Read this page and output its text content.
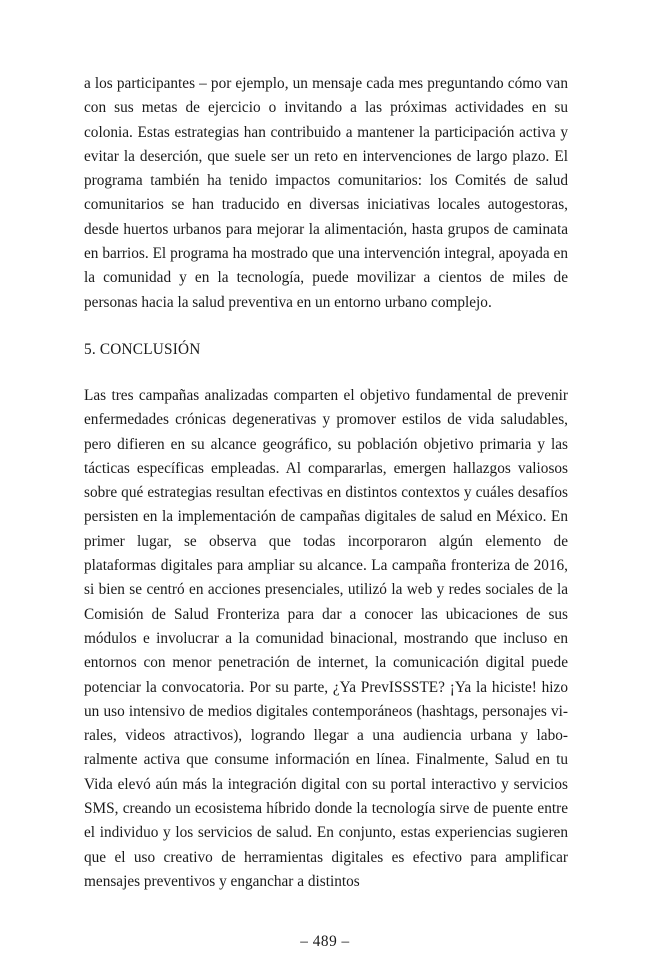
a los participantes – por ejemplo, un mensaje cada mes preguntando cómo van con sus metas de ejercicio o invitando a las próximas actividades en su colonia. Estas estrategias han contribuido a mantener la participación activa y evitar la deserción, que suele ser un reto en intervenciones de largo plazo. El programa también ha tenido impactos comunitarios: los Comités de salud comunitarios se han traducido en diversas iniciativas locales autogestoras, desde huertos urbanos para mejorar la alimentación, hasta grupos de caminata en barrios. El programa ha mostrado que una intervención integral, apoyada en la comunidad y en la tecnología, puede movilizar a cientos de miles de personas hacia la salud preventiva en un entorno urbano complejo.

5. CONCLUSIÓN

Las tres campañas analizadas comparten el objetivo fundamental de prevenir enfermedades crónicas degenerativas y promover estilos de vida saludables, pero difieren en su alcance geográfico, su población objetivo primaria y las tácticas específicas empleadas. Al compararlas, emergen hallazgos valiosos sobre qué estrategias resultan efectivas en distintos contextos y cuáles desafíos persisten en la implementación de campañas digitales de salud en México. En primer lugar, se observa que todas incorporaron algún elemento de plataformas digitales para ampliar su alcance. La campaña fronteriza de 2016, si bien se centró en acciones presenciales, utilizó la web y redes sociales de la Comisión de Salud Fronteriza para dar a conocer las ubicaciones de sus módulos e involucrar a la comunidad binacional, mostrando que incluso en entornos con menor penetración de internet, la comunicación digital puede potenciar la convocatoria. Por su parte, ¿Ya PrevISSSTE? ¡Ya la hiciste! hizo un uso intensivo de medios digitales contemporáneos (hashtags, personajes virales, videos atractivos), logrando llegar a una audiencia urbana y laboralmente activa que consume información en línea. Finalmente, Salud en tu Vida elevó aún más la integración digital con su portal interactivo y servicios SMS, creando un ecosistema híbrido donde la tecnología sirve de puente entre el individuo y los servicios de salud. En conjunto, estas experiencias sugieren que el uso creativo de herramientas digitales es efectivo para amplificar mensajes preventivos y enganchar a distintos

– 489 –
